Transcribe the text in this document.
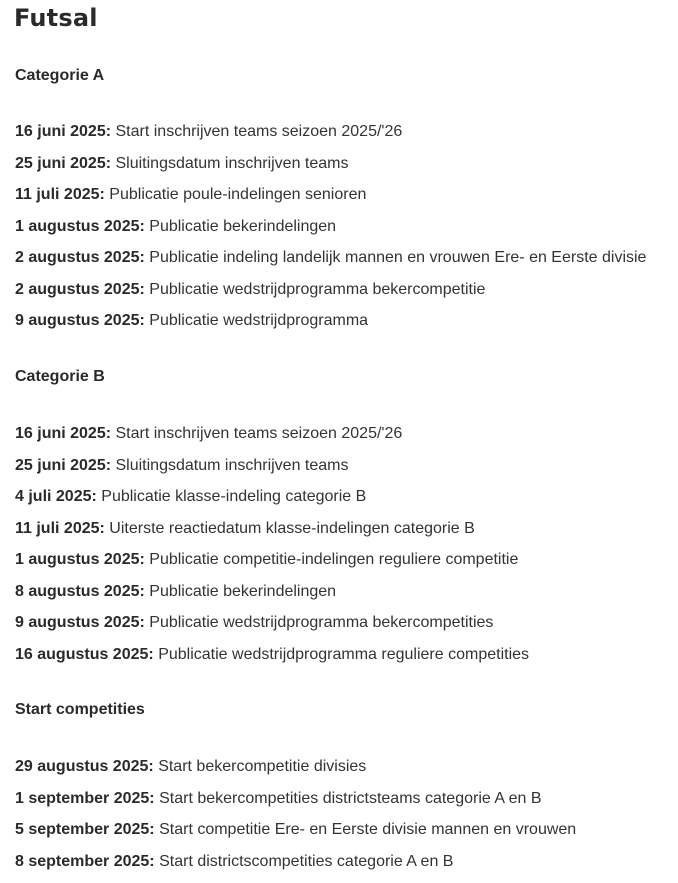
Futsal
Categorie A
16 juni 2025: Start inschrijven teams seizoen 2025/'26
25 juni 2025: Sluitingsdatum inschrijven teams
11 juli 2025: Publicatie poule-indelingen senioren
1 augustus 2025: Publicatie bekerindelingen
2 augustus 2025: Publicatie indeling landelijk mannen en vrouwen Ere- en Eerste divisie
2 augustus 2025: Publicatie wedstrijdprogramma bekercompetitie
9 augustus 2025: Publicatie wedstrijdprogramma
Categorie B
16 juni 2025: Start inschrijven teams seizoen 2025/'26
25 juni 2025: Sluitingsdatum inschrijven teams
4 juli 2025: Publicatie klasse-indeling categorie B
11 juli 2025: Uiterste reactiedatum klasse-indelingen categorie B
1 augustus 2025: Publicatie competitie-indelingen reguliere competitie
8 augustus 2025: Publicatie bekerindelingen
9 augustus 2025: Publicatie wedstrijdprogramma bekercompetities
16 augustus 2025: Publicatie wedstrijdprogramma reguliere competities
Start competities
29 augustus 2025: Start bekercompetitie divisies
1 september 2025: Start bekercompetities districtsteams categorie A en B
5 september 2025: Start competitie Ere- en Eerste divisie mannen en vrouwen
8 september 2025: Start districtscompetities categorie A en B
